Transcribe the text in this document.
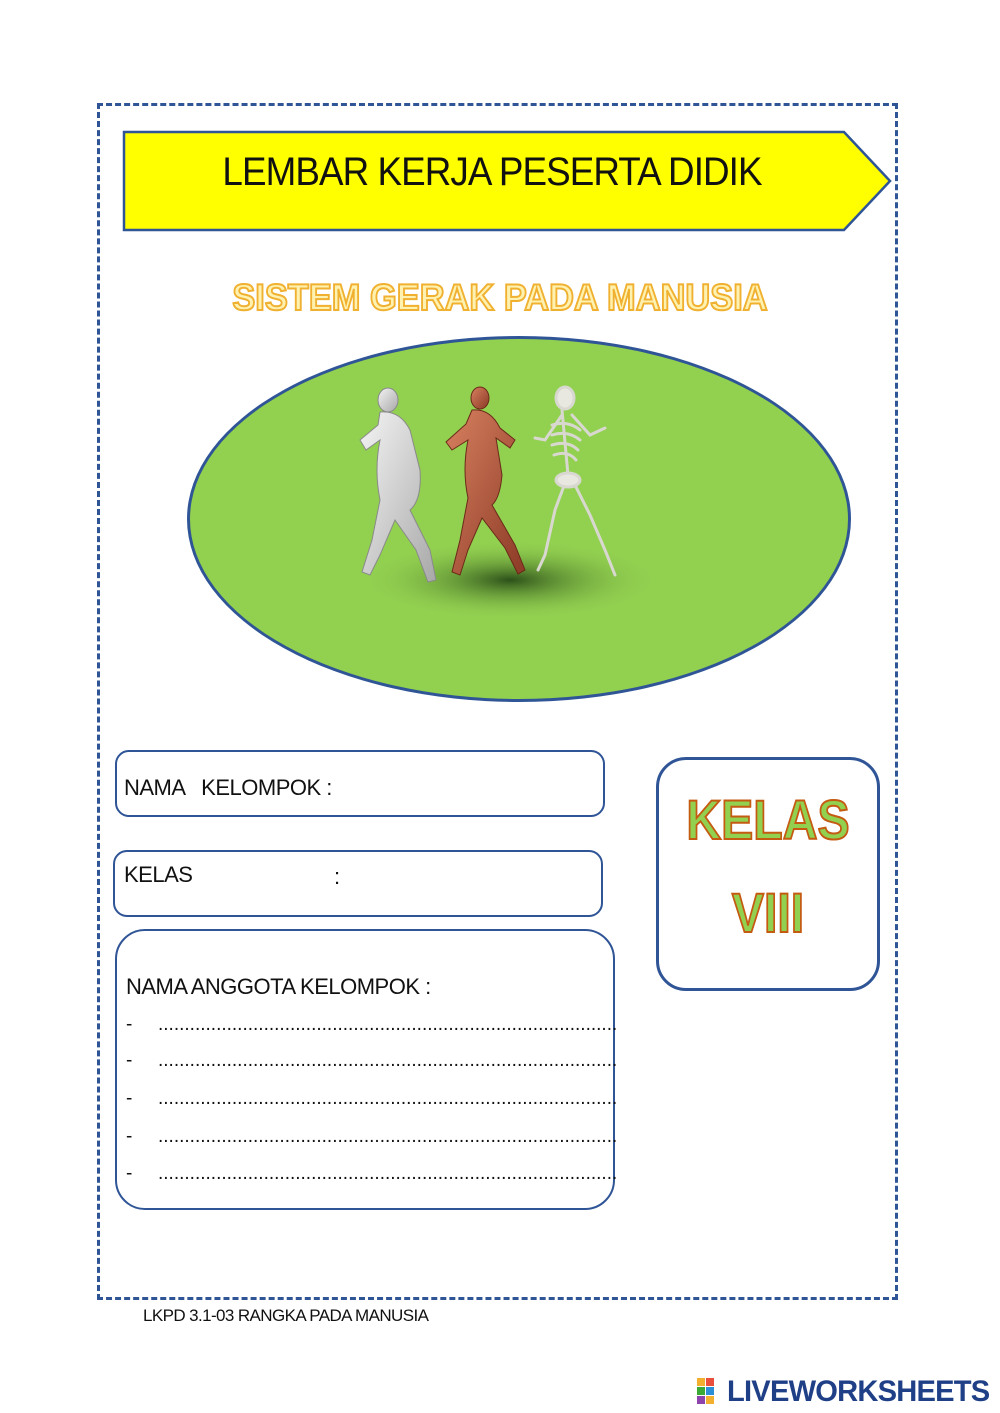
LEMBAR KERJA PESERTA DIDIK
SISTEM GERAK PADA MANUSIA
NAMA   KELOMPOK :
KELAS	:
NAMA ANGGOTA KELOMPOK :
- .......................................................................................
- .......................................................................................
- .......................................................................................
- .......................................................................................
- .......................................................................................
KELAS
VIII
LKPD 3.1-03 RANGKA PADA MANUSIA
LIVEWORKSHEETS
